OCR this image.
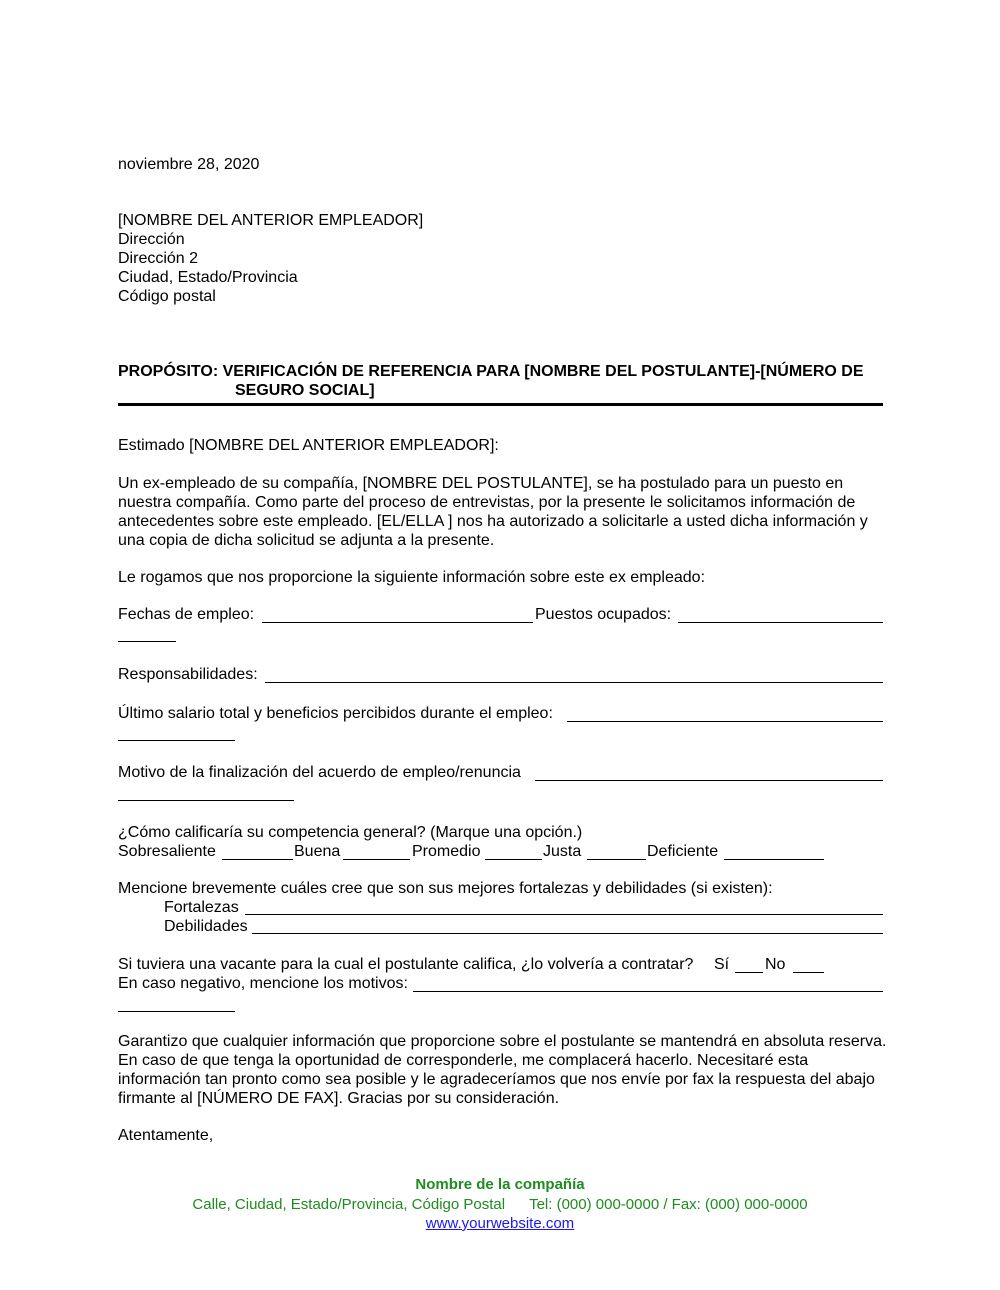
noviembre 28, 2020
[NOMBRE DEL ANTERIOR EMPLEADOR]
Dirección
Dirección 2
Ciudad, Estado/Provincia
Código postal
PROPÓSITO: VERIFICACIÓN DE REFERENCIA PARA [NOMBRE DEL POSTULANTE]-[NÚMERO DE
SEGURO SOCIAL]
Estimado [NOMBRE DEL ANTERIOR EMPLEADOR]:
Un ex-empleado de su compañía, [NOMBRE DEL POSTULANTE], se ha postulado para un puesto en nuestra compañía. Como parte del proceso de entrevistas, por la presente le solicitamos información de antecedentes sobre este empleado. [EL/ELLA ] nos ha autorizado a solicitarle a usted dicha información y una copia de dicha solicitud se adjunta a la presente.
Le rogamos que nos proporcione la siguiente información sobre este ex empleado:
Fechas de empleo:	Puestos ocupados:
Responsabilidades:
Último salario total y beneficios percibidos durante el empleo:
Motivo de la finalización del acuerdo de empleo/renuncia
¿Cómo calificaría su competencia general? (Marque una opción.)
Sobresaliente	Buena	Promedio	Justa	Deficiente
Mencione brevemente cuáles cree que son sus mejores fortalezas y debilidades (si existen):
Fortalezas
Debilidades
Si tuviera una vacante para la cual el postulante califica, ¿lo volvería a contratar? Sí No
En caso negativo, mencione los motivos:
Garantizo que cualquier información que proporcione sobre el postulante se mantendrá en absoluta reserva. En caso de que tenga la oportunidad de corresponderle, me complacerá hacerlo. Necesitaré esta información tan pronto como sea posible y le agradeceríamos que nos envíe por fax la respuesta del abajo firmante al [NÚMERO DE FAX]. Gracias por su consideración.
Atentamente,
Nombre de la compañía
Calle, Ciudad, Estado/Provincia, Código Postal Tel: (000) 000-0000 / Fax: (000) 000-0000
www.yourwebsite.com
